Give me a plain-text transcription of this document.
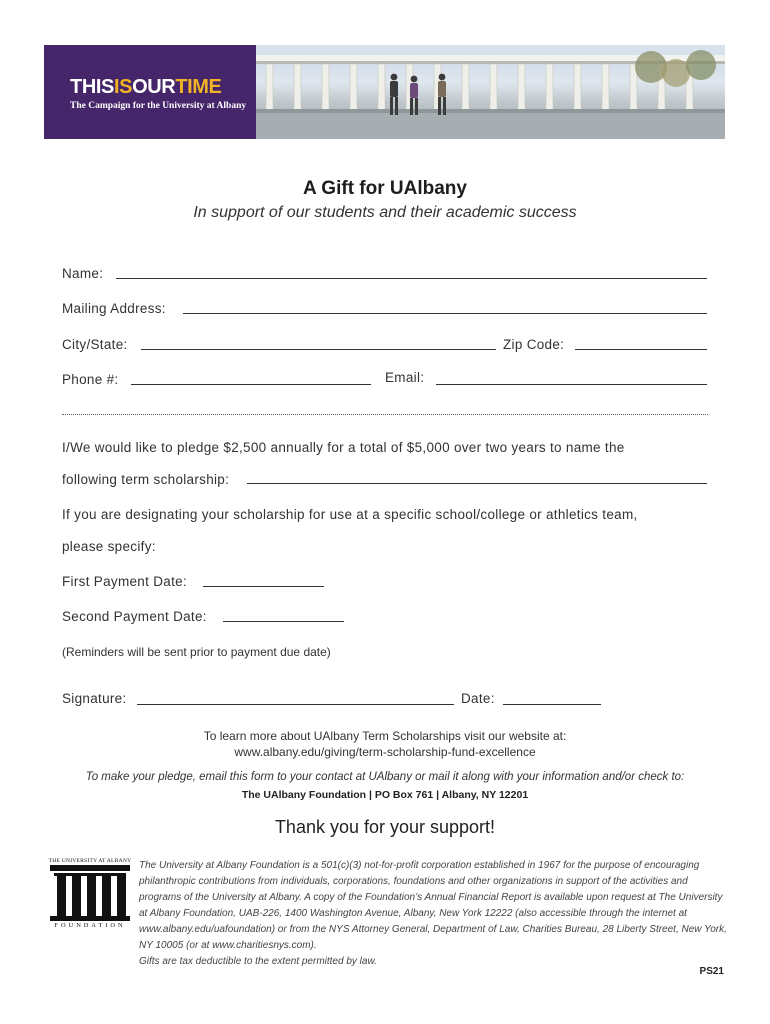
THISISOURTIME
The Campaign for the University at Albany
A Gift for UAlbany
In support of our students and their academic success
Name:
Mailing Address:
City/State:	Zip Code:
Phone #:	Email:
I/We would like to pledge $2,500 annually for a total of $5,000 over two years to name the
following term scholarship:
If you are designating your scholarship for use at a specific school/college or athletics team,
please specify:
First Payment Date:
Second Payment Date:
(Reminders will be sent prior to payment due date)
Signature:	Date:
To learn more about UAlbany Term Scholarships visit our website at:
www.albany.edu/giving/term-scholarship-fund-excellence
To make your pledge, email this form to your contact at UAlbany or mail it along with your information and/or check to:
The UAlbany Foundation | PO Box 761 | Albany, NY 12201
Thank you for your support!
THE UNIVERSITY AT ALBANY
FOUNDATION
The University at Albany Foundation is a 501(c)(3) not-for-profit corporation established in 1967 for the purpose of encouraging philanthropic contributions from individuals, corporations, foundations and other organizations in support of the activities and programs of the University at Albany. A copy of the Foundation’s Annual Financial Report is available upon request at The University at Albany Foundation, UAB-226, 1400 Washington Avenue, Albany, New York 12222 (also accessible through the internet at www.albany.edu/uafoundation) or from the NYS Attorney General, Department of Law, Charities Bureau, 28 Liberty Street, New York, NY 10005 (or at www.charitiesnys.com).
Gifts are tax deductible to the extent permitted by law.
PS21
